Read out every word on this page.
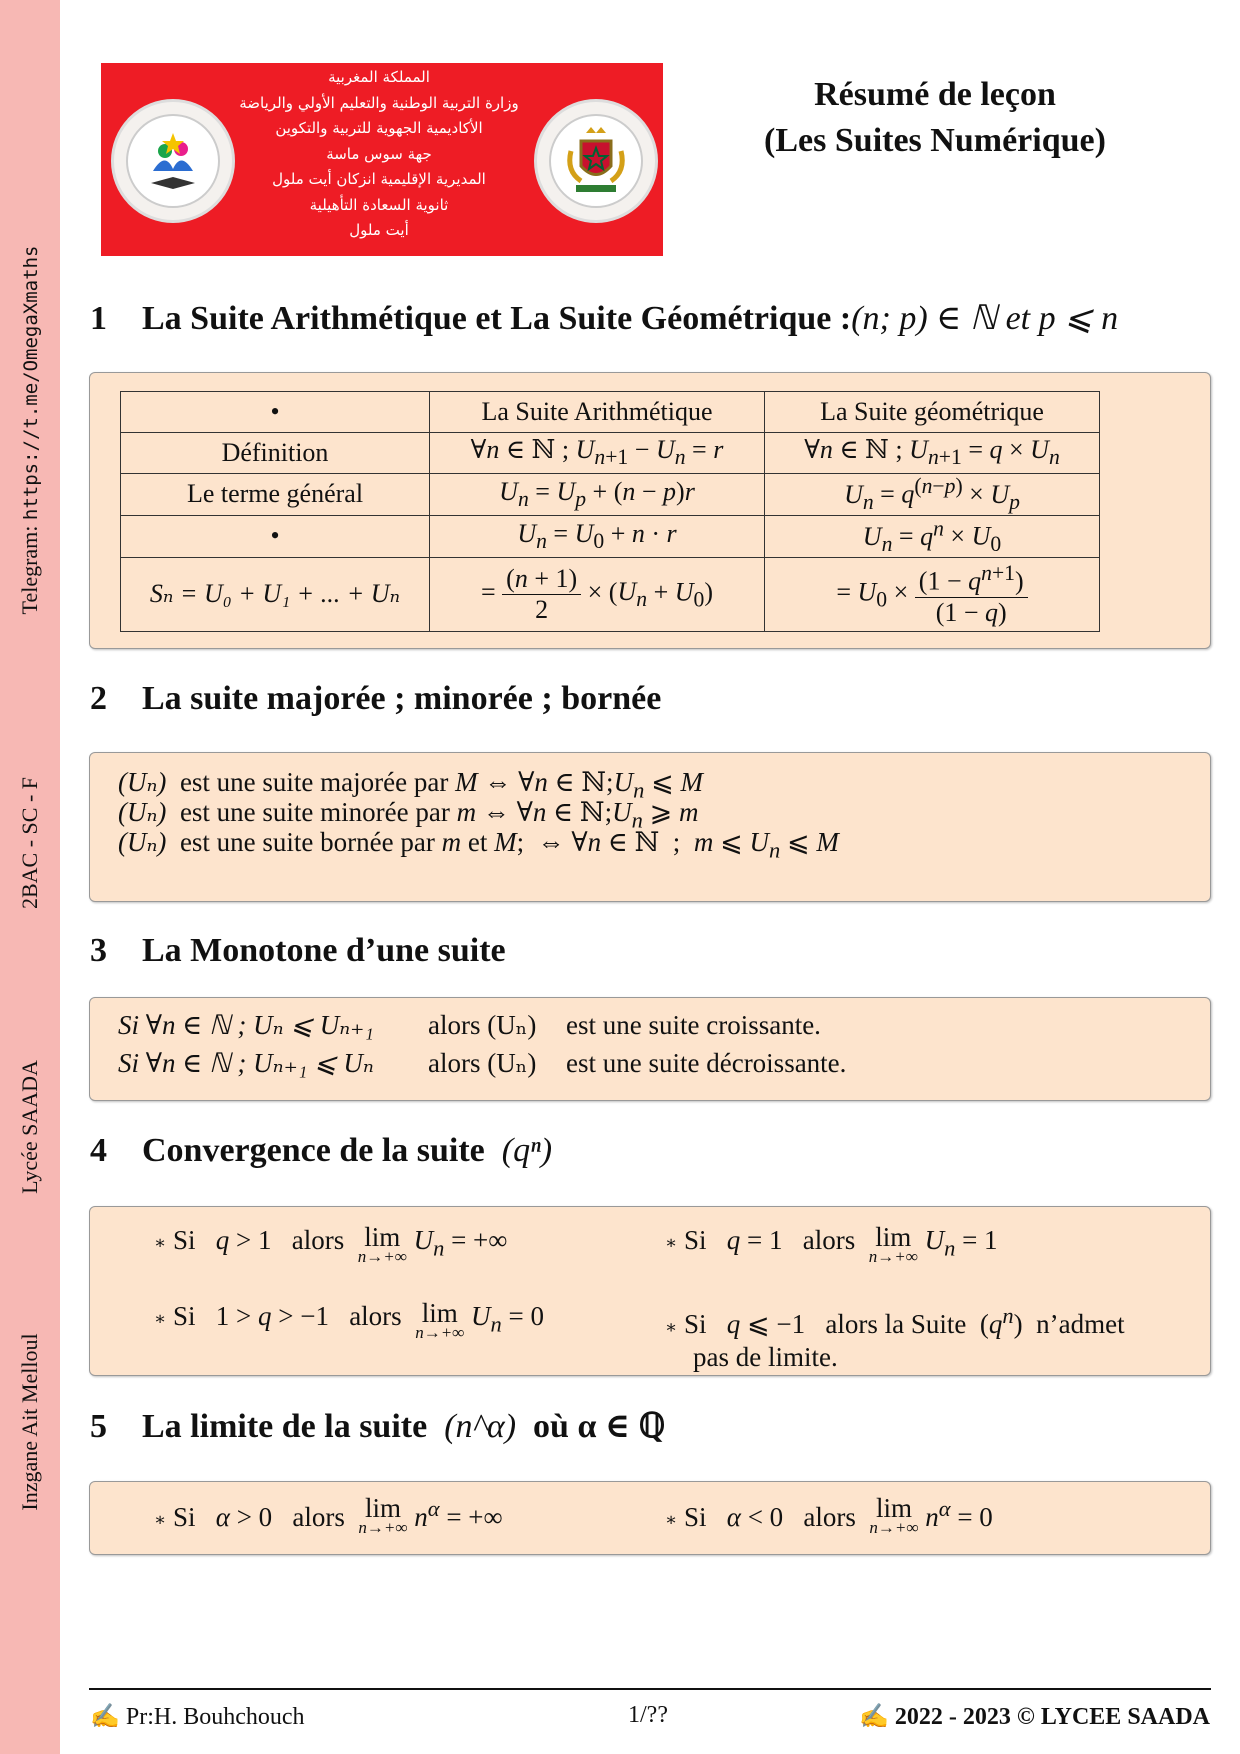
Telegram: https://t.me/OmegaXmaths
2BAC - SC - F
Lycée SAADA
Inzgane Ait Melloul
المملكة المغربية
وزارة التربية الوطنية والتعليم الأولي والرياضة
الأكاديمية الجهوية للتربية والتكوين
جهة سوس ماسة
المديرية الإقليمية انزكان أيت ملول
ثانوية السعادة التأهيلية
أيت ملول
Résumé de leçon
(Les Suites Numérique)
1 La Suite Arithmétique et La Suite Géométrique :(n; p) ∈ ℕ et p ⩽ n
•	La Suite Arithmétique	La Suite géométrique
Définition	∀n ∈ ℕ ; $U_{n+1} - U_n = r$	∀n ∈ ℕ ; $U_{n+1} = q \times U_n$
Le terme général	$U_n = U_p + (n - p)r$	$U_n = q^{(n-p)} \times U_p$
•	$U_n = U_0 + n \cdot r$	$U_n = q^n \times U_0$
Sₙ = U₀ + U₁ + ... + Uₙ	= $\frac{(n + 1)}{2} \times (U_n + U_0)$	= $U_0 \times \frac{(1 - q^{n+1})}{(1 - q)}$
2 La suite majorée ; minorée ; bornée
(Uₙ) est une suite majorée par M ⇔ ∀n ∈ $ℕ;U_n$ ⩽ M
(Uₙ) est une suite minorée par m ⇔ ∀n ∈ $ℕ;U_n$ ⩾ m
(Uₙ) est une suite bornée par m et M;  ⇔ ∀n ∈ ℕ  ;  m ⩽ $U_n$ ⩽ M
3 La Monotone d’une suite
Si ∀n ∈ ℕ ; Uₙ ⩽ Uₙ₊₁ alors (Uₙ) est une suite croissante.
Si ∀n ∈ ℕ ; Uₙ₊₁ ⩽ Uₙ alors (Uₙ) est une suite décroissante.
4 Convergence de la suite (qⁿ)
∗ Si   q > 1   alors  lim
n→+∞
$U_n$ = +∞	∗ Si   q = 1   alors  lim
n→+∞
$U_n = 1$
∗ Si   1 > q > −1   alors  lim
n→+∞
$U_n = 0$	∗ Si   q ⩽ −1   alors la Suite  $(q^n)$  n’admet
pas de limite.
5 La limite de la suite (n^α) où α ∈ ℚ
∗ Si   α > 0   alors  lim
n→+∞ $n^\alpha$ = +∞	∗ Si   α < 0   alors  lim
n→+∞ $n^\alpha = 0$
✍ Pr:H. Bouhchouch	1/??	✍ 2022 - 2023 © LYCEE SAADA
